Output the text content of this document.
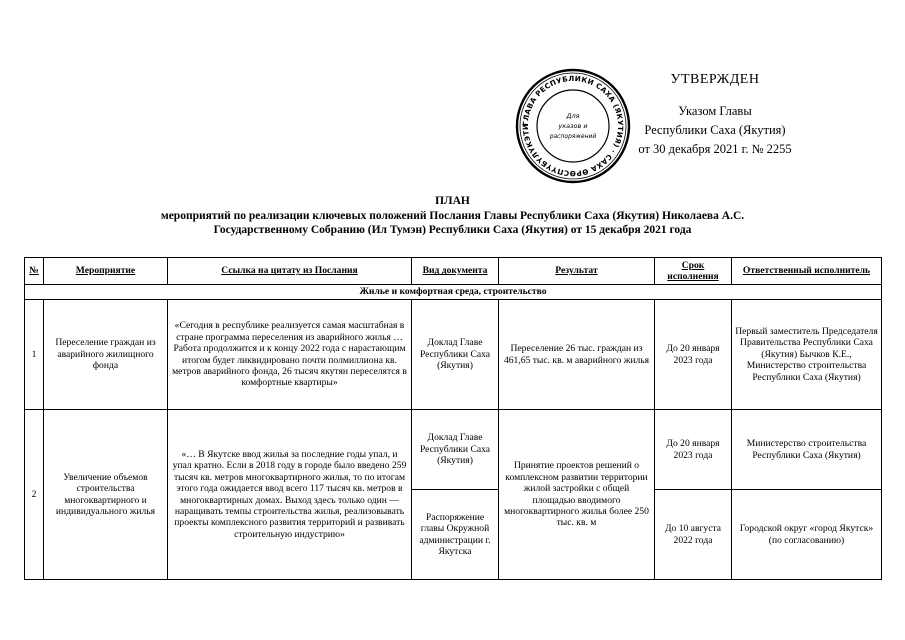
ГЛАВА РЕСПУБЛИКИ САХА (ЯКУТИЯ) · САХА ӨРӨСПҮҮБҮЛҮКЭТИ
Для
указов и
распоряжений
УТВЕРЖДЕН
Указом Главы
Республики Саха (Якутия)
от 30 декабря 2021 г. № 2255
ПЛАН
мероприятий по реализации ключевых положений Послания Главы Республики Саха (Якутия) Николаева А.С.
Государственному Собранию (Ил Тумэн) Республики Саха (Якутия) от 15 декабря 2021 года
№	Мероприятие	Ссылка на цитату из Послания	Вид документа	Результат	Срок исполнения	Ответственный исполнитель
Жилье и комфортная среда, строительство						
1	Переселение граждан из аварийного жилищного фонда	«Сегодня в республике реализуется самая масштабная в стране программа переселения из аварийного жилья … Работа продолжится и к концу 2022 года с нарастающим итогом будет ликвидировано почти полмиллиона кв. метров аварийного фонда, 26 тысяч якутян переселятся в комфортные квартиры»	Доклад Главе Республики Саха (Якутия)	Переселение 26 тыс. граждан из 461,65 тыс. кв. м аварийного жилья	До 20 января 2023 года	Первый заместитель Председателя Правительства Республики Саха (Якутия) Бычков К.Е., Министерство строительства Республики Саха (Якутия)
2	Увеличение объемов строительства многоквартирного и индивидуального жилья	«… В Якутске ввод жилья за последние годы упал, и упал кратно. Если в 2018 году в городе было введено 259 тысяч кв. метров многоквартирного жилья, то по итогам этого года ожидается ввод всего 117 тысяч кв. метров в многоквартирных домах. Выход здесь только один — наращивать темпы строительства жилья, реализовывать проекты комплексного развития территорий и развивать строительную индустрию»	Доклад Главе Республики Саха (Якутия)	Принятие проектов решений о комплексном развитии территории жилой застройки с общей площадью вводимого многоквартирного жилья более 250 тыс. кв. м	До 20 января 2023 года	Министерство строительства Республики Саха (Якутия)
			Распоряжение главы Окружной администрации г. Якутска		До 10 августа 2022 года	Городской округ «город Якутск» (по согласованию)
